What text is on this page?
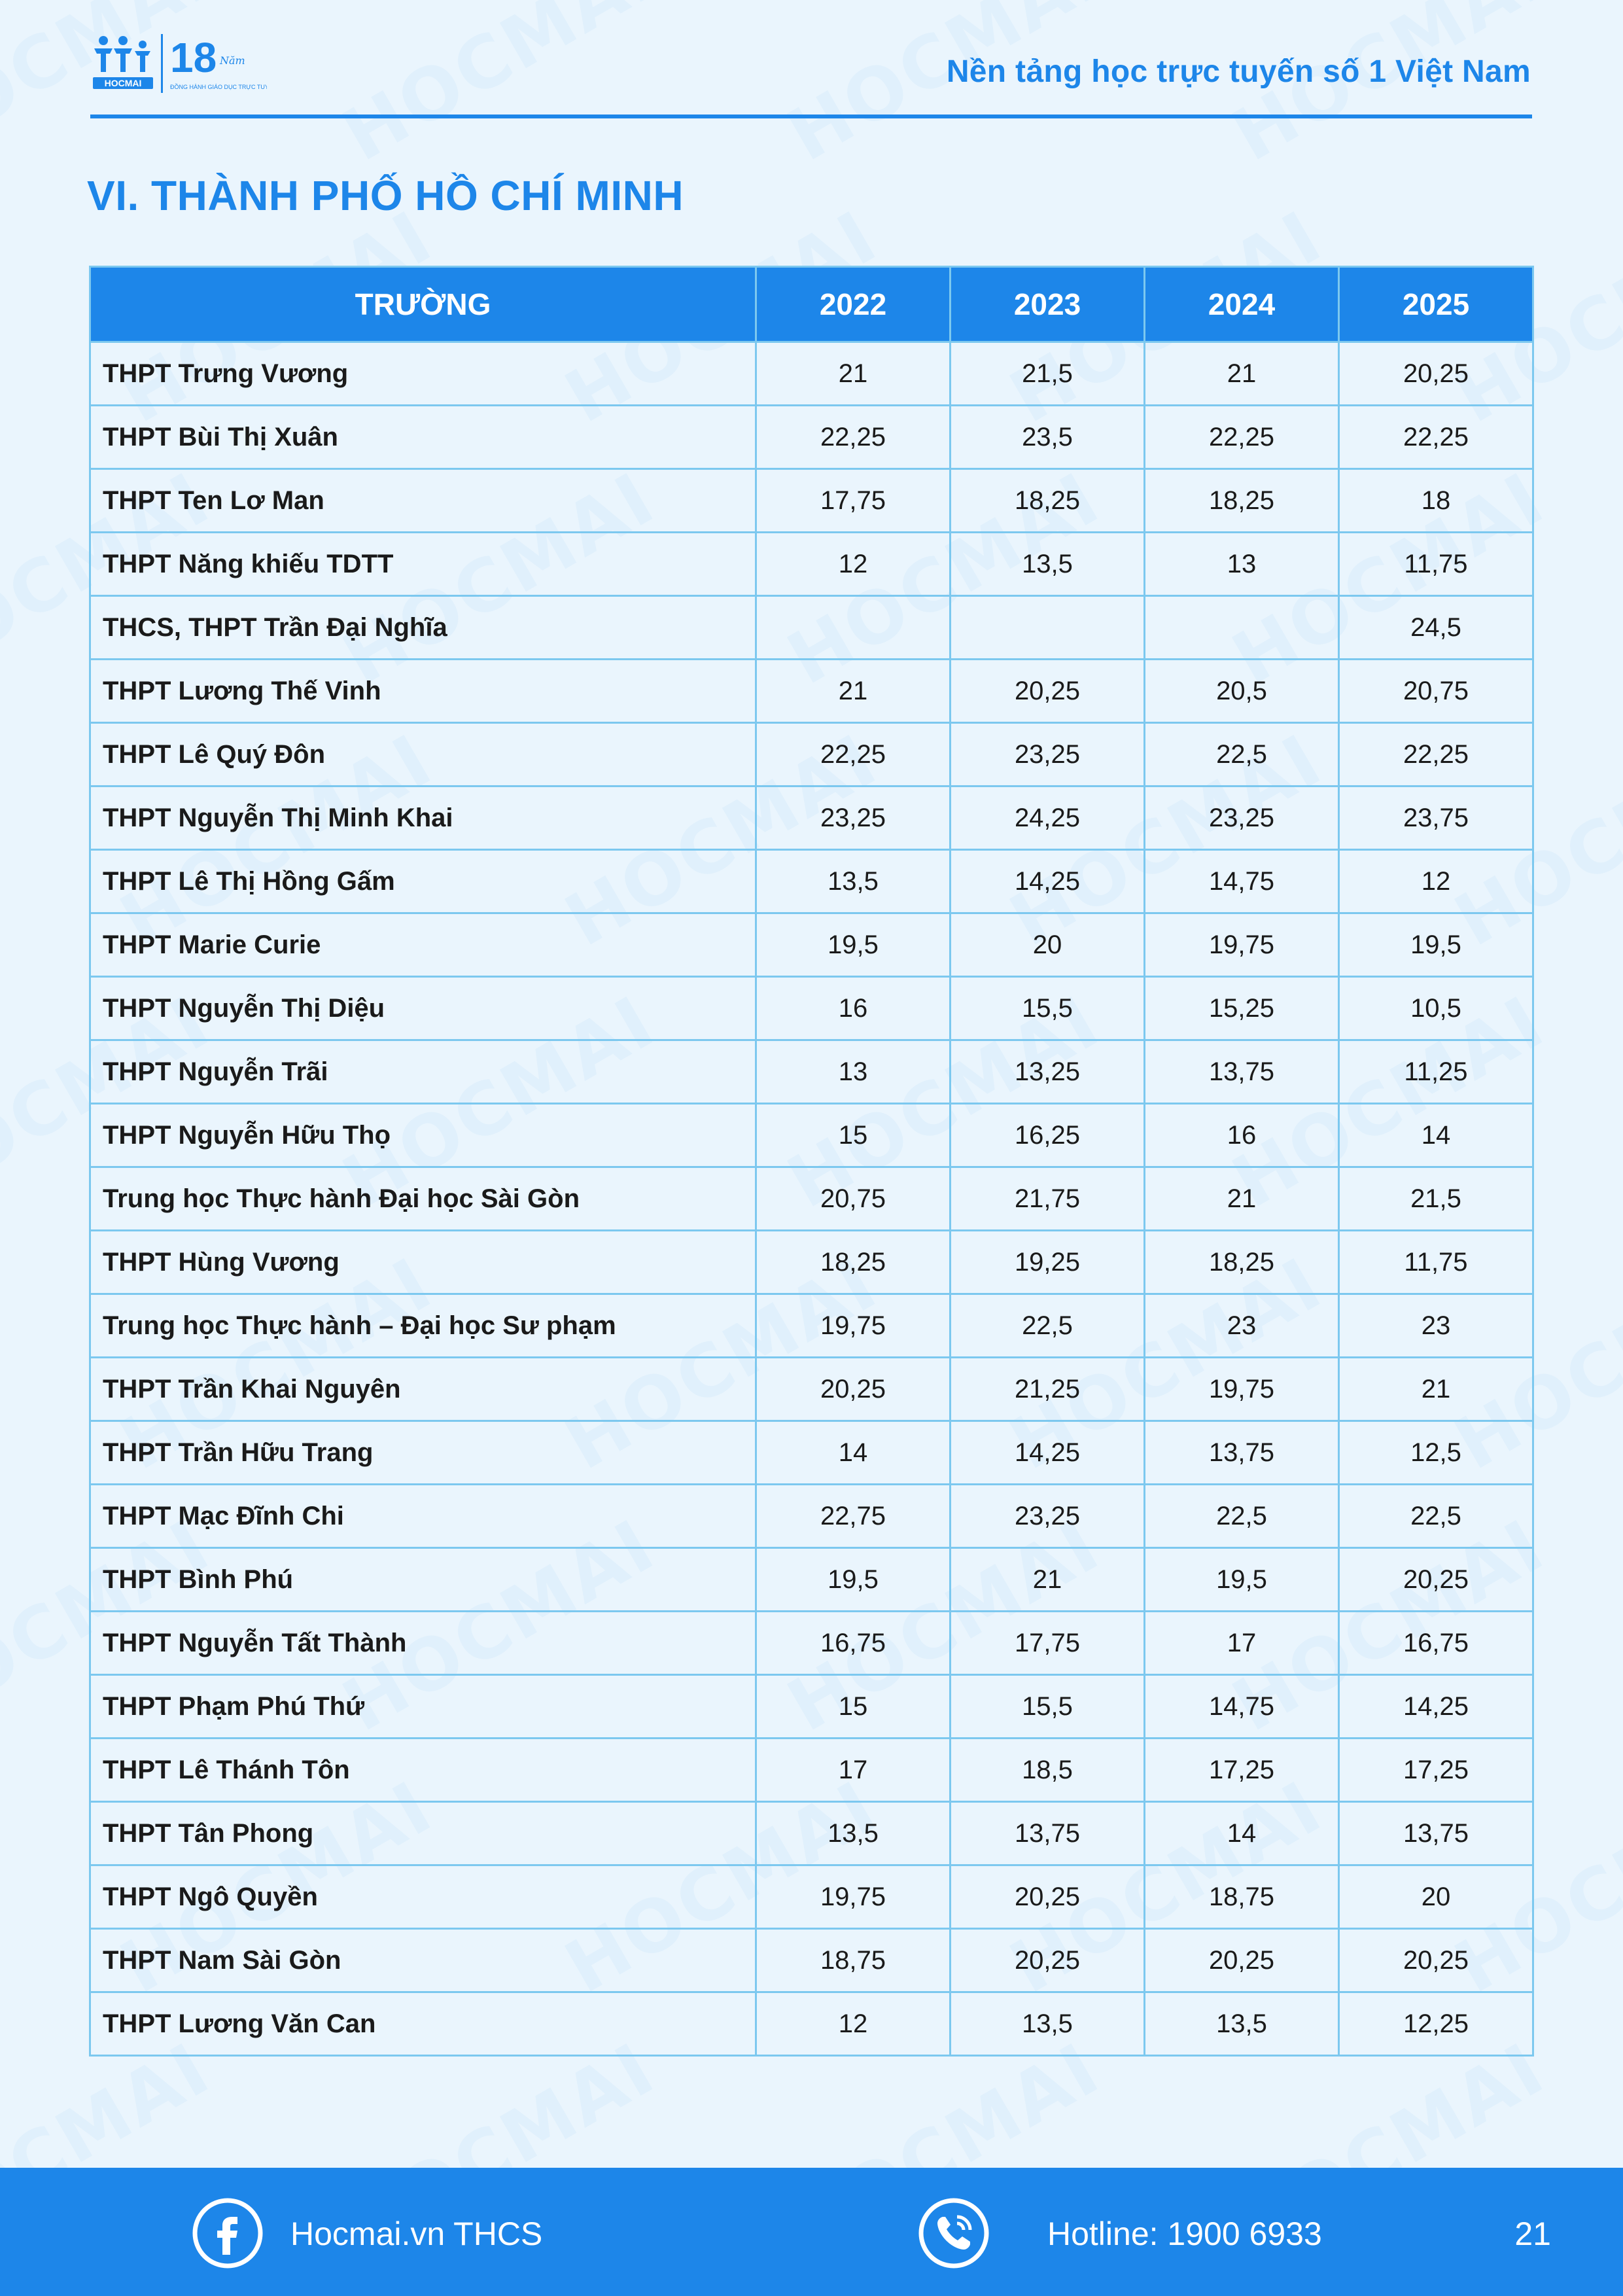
HOCMAI
18 Năm
ĐỒNG HÀNH GIÁO DỤC TRỰC TUYẾN	Nền tảng học trực tuyến số 1 Việt Nam
VI. THÀNH PHỐ HỒ CHÍ MINH
TRƯỜNG	2022	2023	2024	2025
THPT Trưng Vương	21	21,5	21	20,25
THPT Bùi Thị Xuân	22,25	23,5	22,25	22,25
THPT Ten Lơ Man	17,75	18,25	18,25	18
THPT Năng khiếu TDTT	12	13,5	13	11,75
THCS, THPT Trần Đại Nghĩa				24,5
THPT Lương Thế Vinh	21	20,25	20,5	20,75
THPT Lê Quý Đôn	22,25	23,25	22,5	22,25
THPT Nguyễn Thị Minh Khai	23,25	24,25	23,25	23,75
THPT Lê Thị Hồng Gấm	13,5	14,25	14,75	12
THPT Marie Curie	19,5	20	19,75	19,5
THPT Nguyễn Thị Diệu	16	15,5	15,25	10,5
THPT Nguyễn Trãi	13	13,25	13,75	11,25
THPT Nguyễn Hữu Thọ	15	16,25	16	14
Trung học Thực hành Đại học Sài Gòn	20,75	21,75	21	21,5
THPT Hùng Vương	18,25	19,25	18,25	11,75
Trung học Thực hành – Đại học Sư phạm	19,75	22,5	23	23
THPT Trần Khai Nguyên	20,25	21,25	19,75	21
THPT Trần Hữu Trang	14	14,25	13,75	12,5
THPT Mạc Đĩnh Chi	22,75	23,25	22,5	22,5
THPT Bình Phú	19,5	21	19,5	20,25
THPT Nguyễn Tất Thành	16,75	17,75	17	16,75
THPT Phạm Phú Thứ	15	15,5	14,75	14,25
THPT Lê Thánh Tôn	17	18,5	17,25	17,25
THPT Tân Phong	13,5	13,75	14	13,75
THPT Ngô Quyền	19,75	20,25	18,75	20
THPT Nam Sài Gòn	18,75	20,25	20,25	20,25
THPT Lương Văn Can	12	13,5	13,5	12,25
Hocmai.vn THCS	Hotline: 1900 6933	21
